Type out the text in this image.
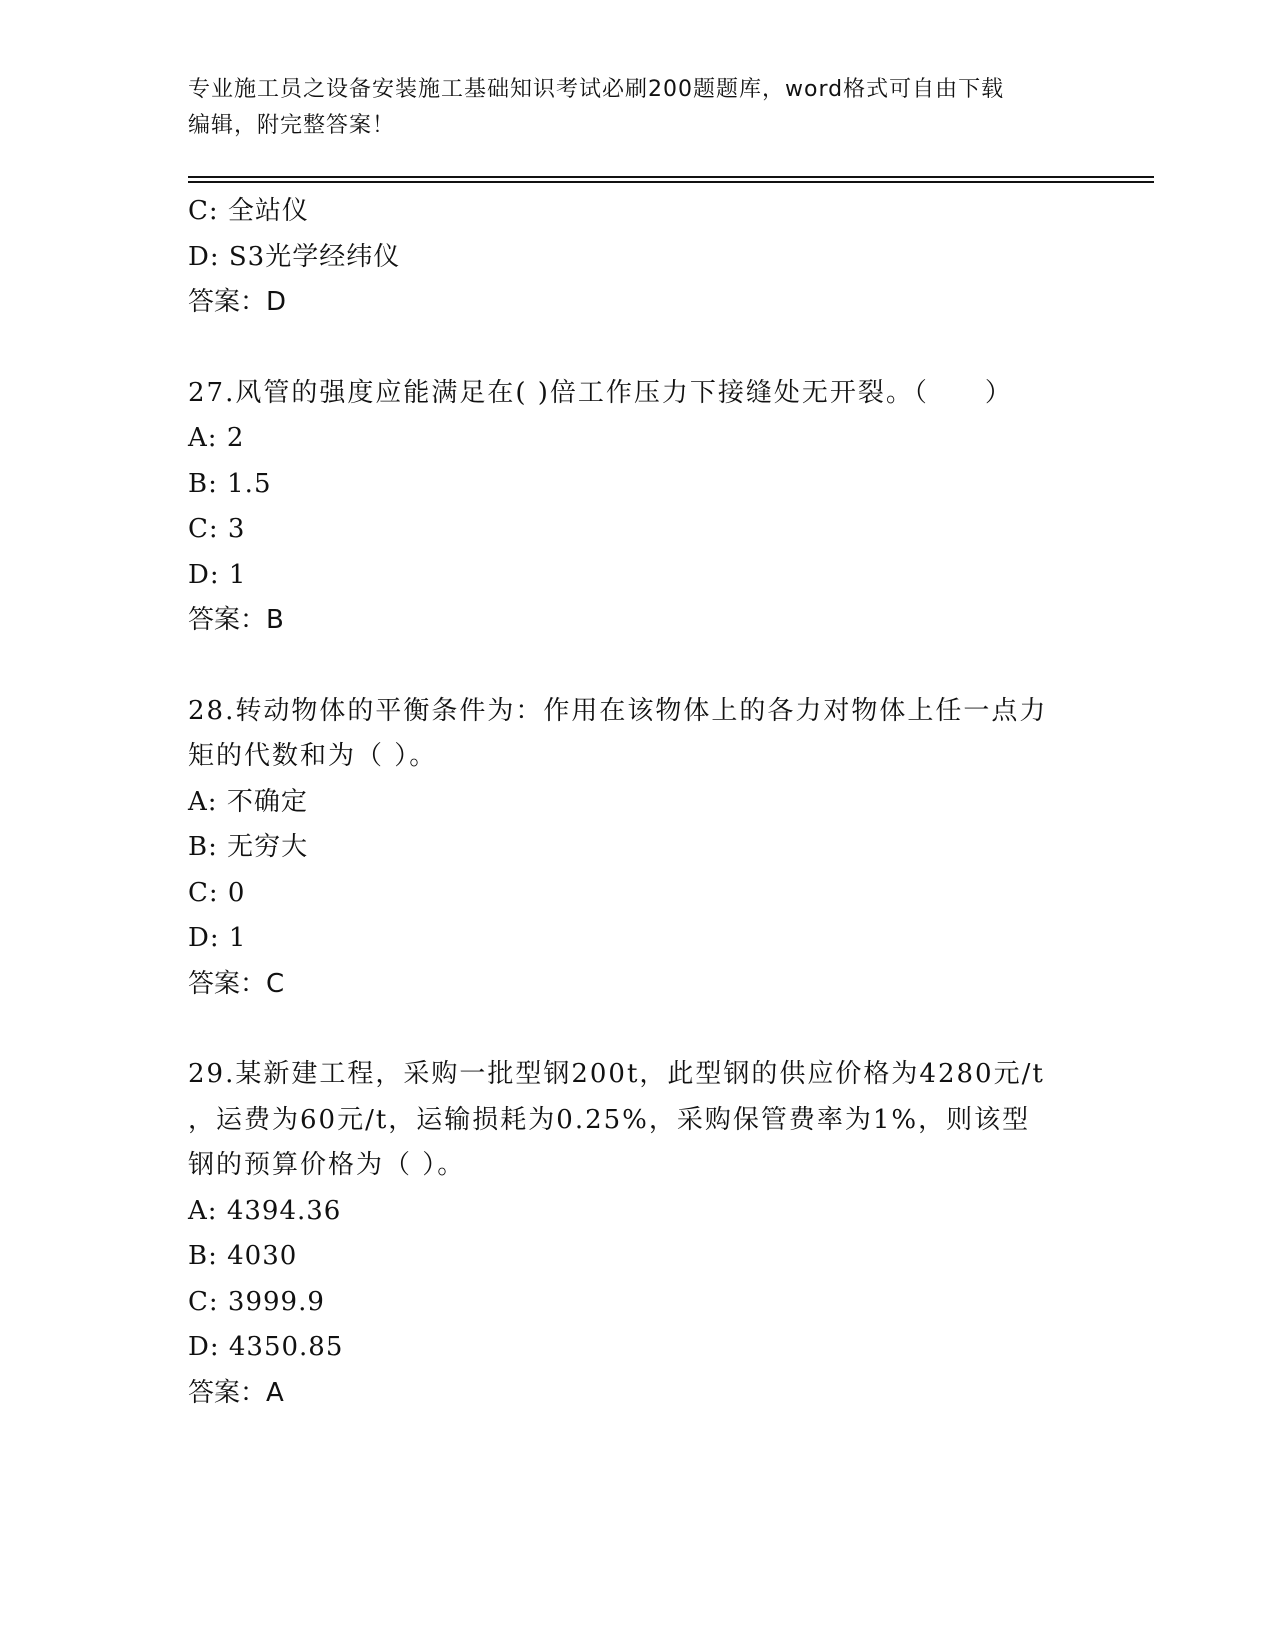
专业施工员之设备安装施工基础知识考试必刷200题题库，word格式可自由下载
编辑，附完整答案！
C: 全站仪
D: S3光学经纬仪
答案：D
27.风管的强度应能满足在( )倍工作压力下接缝处无开裂。（　　）
A: 2
B: 1.5
C: 3
D: 1
答案：B
28.转动物体的平衡条件为：作用在该物体上的各力对物体上任一点力
矩的代数和为（ ）。
A: 不确定
B: 无穷大
C: 0
D: 1
答案：C
29.某新建工程，采购一批型钢200t，此型钢的供应价格为4280元/t
，运费为60元/t，运输损耗为0.25%，采购保管费率为1%，则该型
钢的预算价格为（ ）。
A: 4394.36
B: 4030
C: 3999.9
D: 4350.85
答案：A
